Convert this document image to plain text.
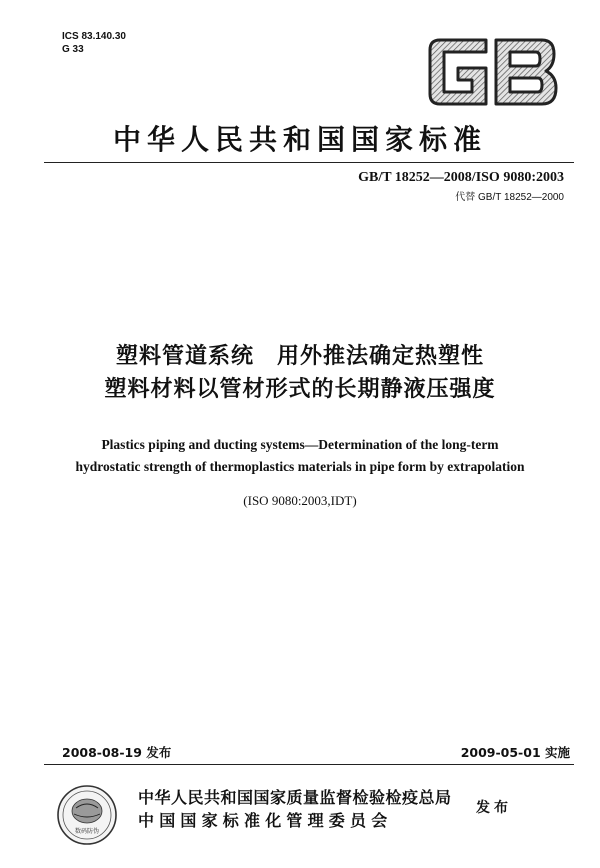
ICS 83.140.30
G 33
GB
中华人民共和国国家标准
GB/T 18252—2008/ISO 9080:2003
代替 GB/T 18252—2000
塑料管道系统　用外推法确定热塑性
塑料材料以管材形式的长期静液压强度
Plastics piping and ducting systems—Determination of the long-term
hydrostatic strength of thermoplastics materials in pipe form by extrapolation
(ISO 9080:2003,IDT)
2008-08-19 发布	2009-05-01 实施
数码防伪
中华人民共和国国家质量监督检验检疫总局
中国国家标准化管理委员会
发布
